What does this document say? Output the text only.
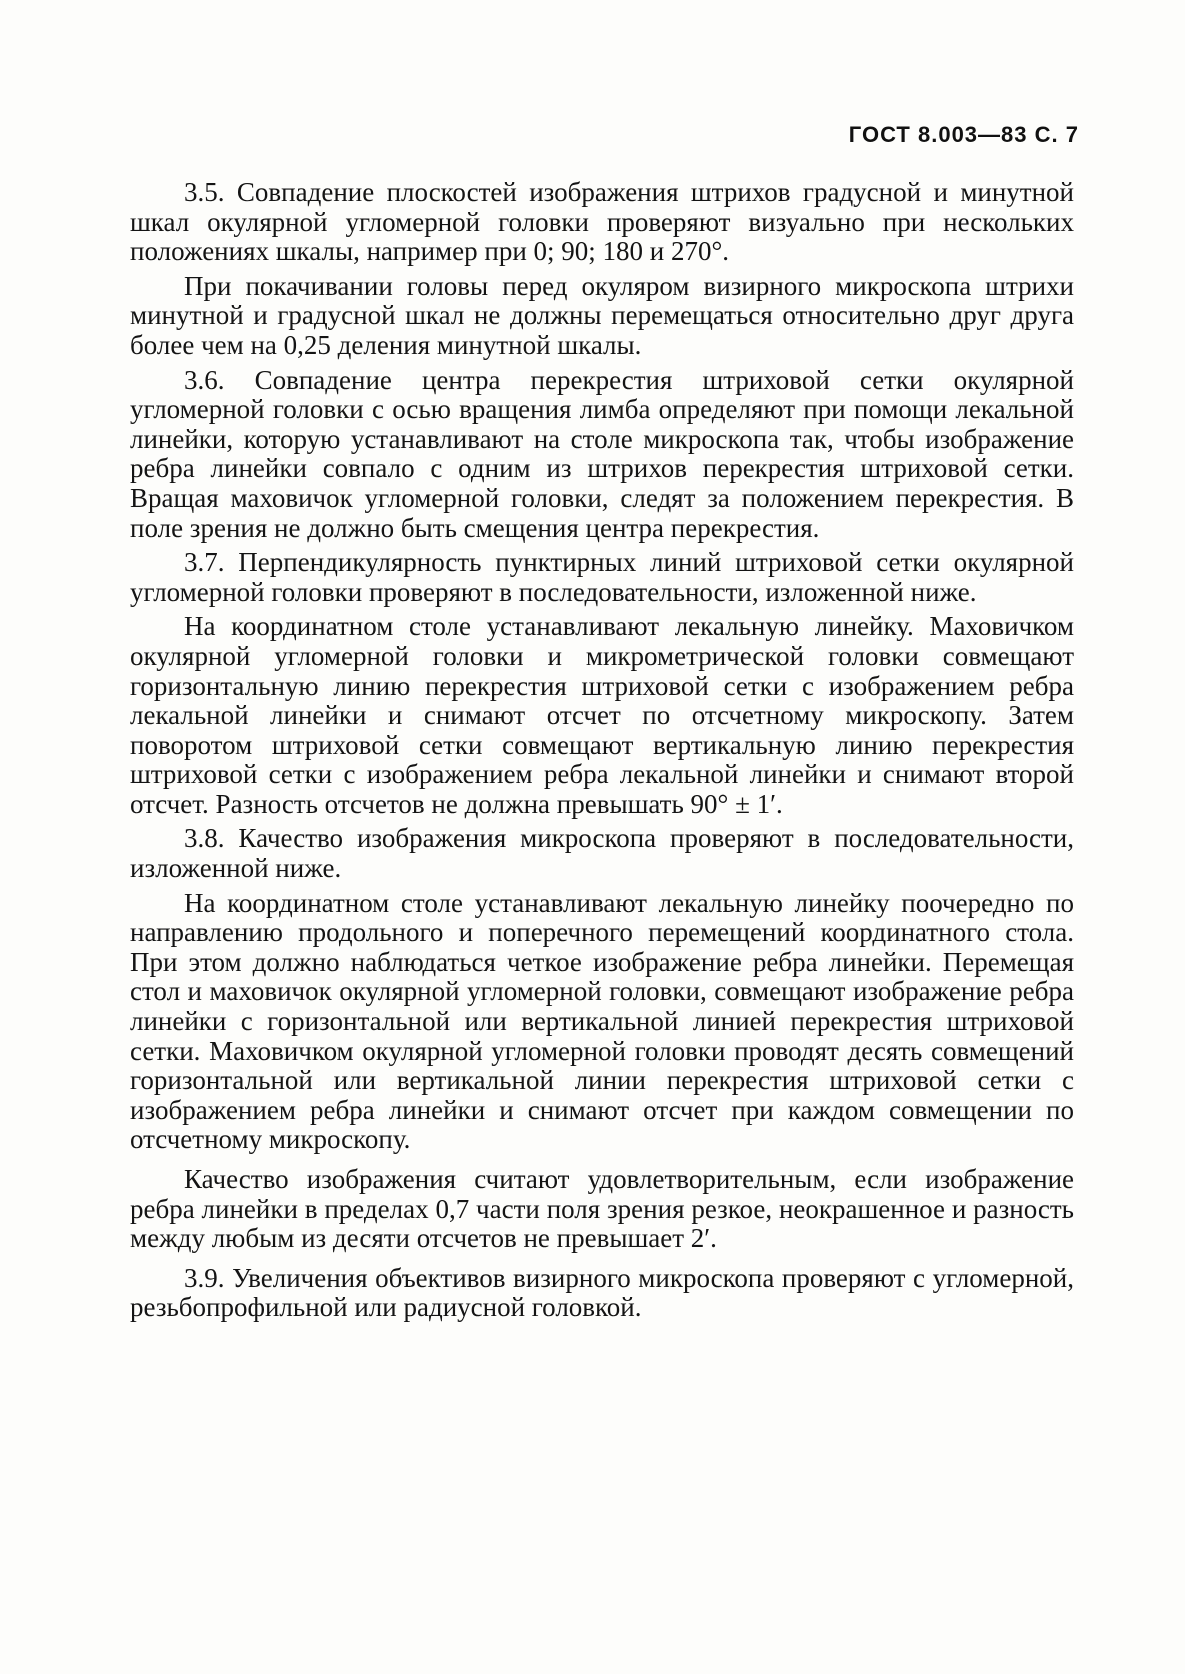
ГОСТ 8.003—83 С. 7

3.5. Совпадение плоскостей изображения штрихов градусной и минутной шкал окулярной угломерной головки проверяют визуально при нескольких положениях шкалы, например при 0; 90; 180 и 270°.

При покачивании головы перед окуляром визирного микроскопа штрихи минутной и градусной шкал не должны перемещаться относительно друг друга более чем на 0,25 деления минутной шкалы.

3.6. Совпадение центра перекрестия штриховой сетки окулярной угломерной головки с осью вращения лимба определяют при помощи лекальной линейки, которую устанавливают на столе микроскопа так, чтобы изображение ребра линейки совпало с одним из штрихов перекрестия штриховой сетки. Вращая маховичок угломерной головки, следят за положением перекрестия. В поле зрения не должно быть смещения центра перекрестия.

3.7. Перпендикулярность пунктирных линий штриховой сетки окулярной угломерной головки проверяют в последовательности, изложенной ниже.

На координатном столе устанавливают лекальную линейку. Маховичком окулярной угломерной головки и микрометрической головки совмещают горизонтальную линию перекрестия штриховой сетки с изображением ребра лекальной линейки и снимают отсчет по отсчетному микроскопу. Затем поворотом штриховой сетки совмещают вертикальную линию перекрестия штриховой сетки с изображением ребра лекальной линейки и снимают второй отсчет. Разность отсчетов не должна превышать 90° ± 1′.

3.8. Качество изображения микроскопа проверяют в последовательности, изложенной ниже.

На координатном столе устанавливают лекальную линейку поочередно по направлению продольного и поперечного перемещений координатного стола. При этом должно наблюдаться четкое изображение ребра линейки. Перемещая стол и маховичок окулярной угломерной головки, совмещают изображение ребра линейки с горизонтальной или вертикальной линией перекрестия штриховой сетки. Маховичком окулярной угломерной головки проводят десять совмещений горизонтальной или вертикальной линии перекрестия штриховой сетки с изображением ребра линейки и снимают отсчет при каждом совмещении по отсчетному микроскопу.

Качество изображения считают удовлетворительным, если изображение ребра линейки в пределах 0,7 части поля зрения резкое, неокрашенное и разность между любым из десяти отсчетов не превышает 2′.

3.9. Увеличения объективов визирного микроскопа проверяют с угломерной, резьбопрофильной или радиусной головкой.
